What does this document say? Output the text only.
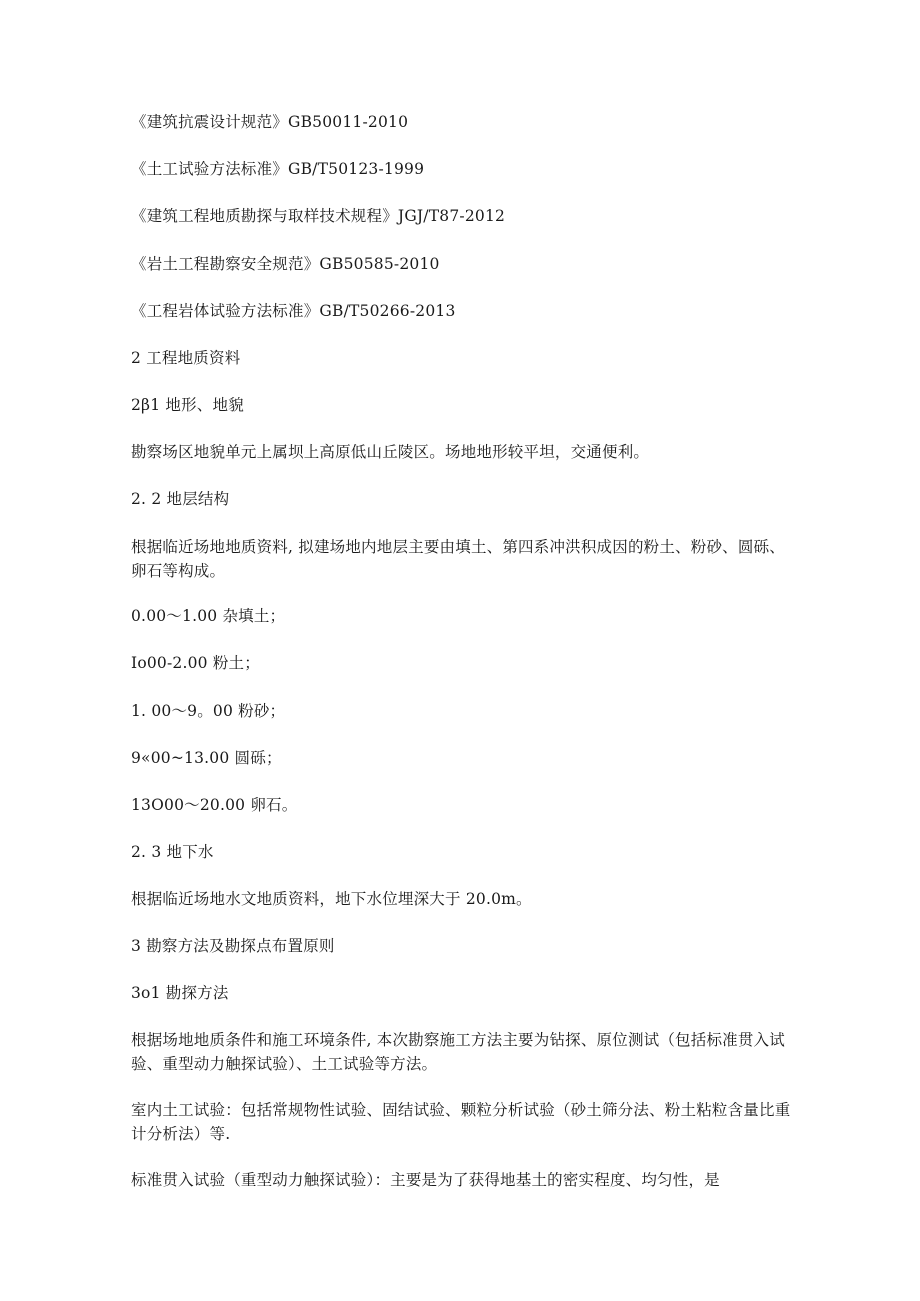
《建筑抗震设计规范》GB50011-2010
《土工试验方法标准》GB/T50123-1999
《建筑工程地质勘探与取样技术规程》JGJ/T87-2012
《岩土工程勘察安全规范》GB50585-2010
《工程岩体试验方法标准》GB/T50266-2013
2 工程地质资料
2β1 地形、地貌
勘察场区地貌单元上属坝上高原低山丘陵区。场地地形较平坦，交通便利。
2. 2 地层结构
根据临近场地地质资料, 拟建场地内地层主要由填土、第四系冲洪积成因的粉土、粉砂、圆砾、卵石等构成。
0.00～1.00 杂填土；
Io00-2.00 粉土；
1. 00～9。00 粉砂；
9«00~13.00 圆砾；
13O00～20.00 卵石。
2. 3 地下水
根据临近场地水文地质资料，地下水位埋深大于 20.0m。
3 勘察方法及勘探点布置原则
3o1 勘探方法
根据场地地质条件和施工环境条件, 本次勘察施工方法主要为钻探、原位测试（包括标准贯入试验、重型动力触探试验）、土工试验等方法。
室内土工试验：包括常规物性试验、固结试验、颗粒分析试验（砂土筛分法、粉土粘粒含量比重计分析法）等.
标准贯入试验（重型动力触探试验）：主要是为了获得地基土的密实程度、均匀性，是
